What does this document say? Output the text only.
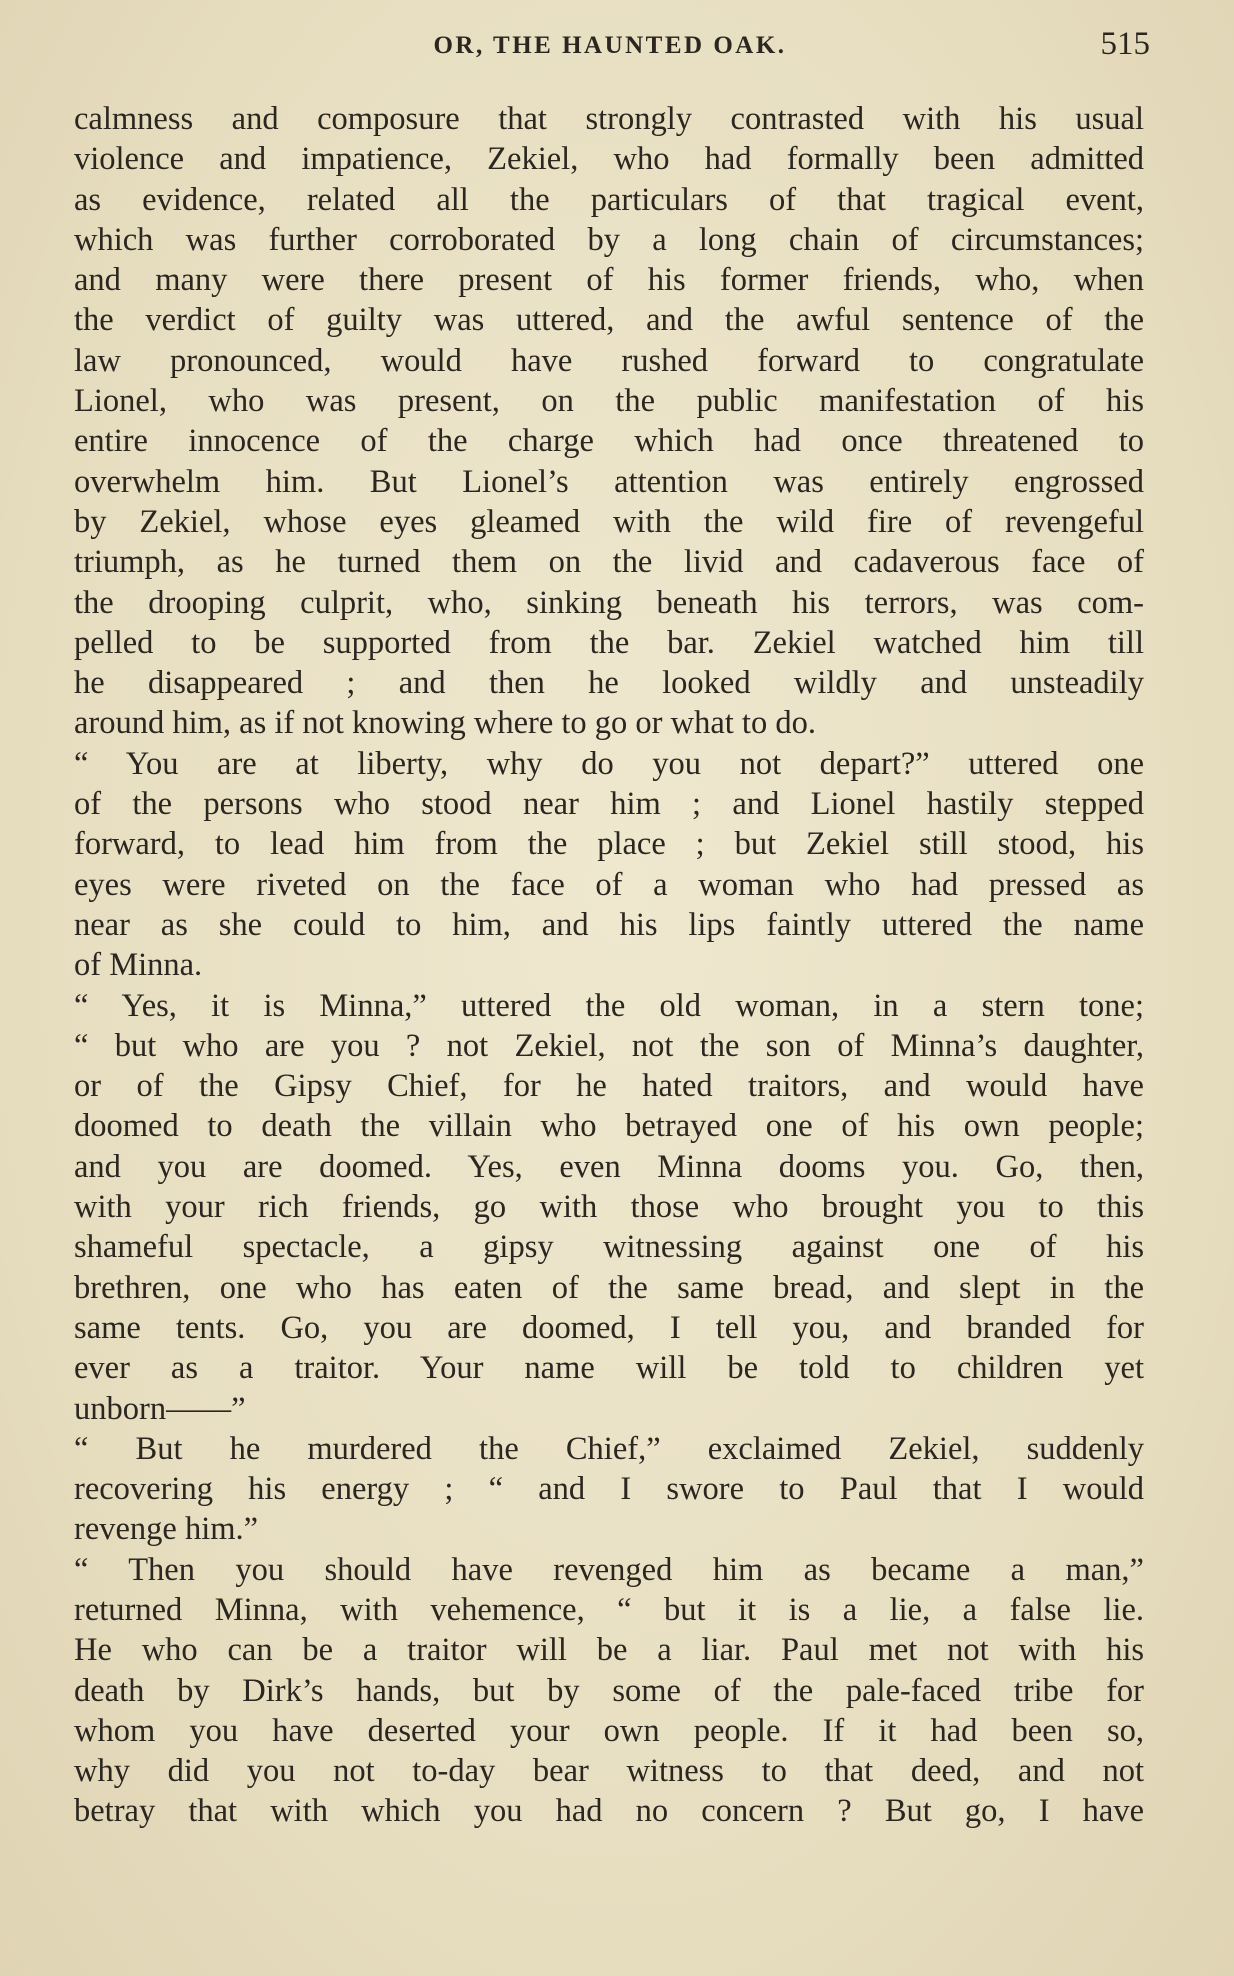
OR, THE HAUNTED OAK.	515
calmness and composure that strongly contrasted with his usual
violence and impatience, Zekiel, who had formally been admitted
as evidence, related all the particulars of that tragical event,
which was further corroborated by a long chain of circumstances;
and many were there present of his former friends, who, when
the verdict of guilty was uttered, and the awful sentence of the
law pronounced, would have rushed forward to congratulate
Lionel, who was present, on the public manifestation of his
entire innocence of the charge which had once threatened to
overwhelm him. But Lionel’s attention was entirely engrossed
by Zekiel, whose eyes gleamed with the wild fire of revengeful
triumph, as he turned them on the livid and cadaverous face of
the drooping culprit, who, sinking beneath his terrors, was com-
pelled to be supported from the bar. Zekiel watched him till
he disappeared ; and then he looked wildly and unsteadily
around him, as if not knowing where to go or what to do.
“ You are at liberty, why do you not depart?” uttered one
of the persons who stood near him ; and Lionel hastily stepped
forward, to lead him from the place ; but Zekiel still stood, his
eyes were riveted on the face of a woman who had pressed as
near as she could to him, and his lips faintly uttered the name
of Minna.
“ Yes, it is Minna,” uttered the old woman, in a stern tone;
“ but who are you ? not Zekiel, not the son of Minna’s daughter,
or of the Gipsy Chief, for he hated traitors, and would have
doomed to death the villain who betrayed one of his own people;
and you are doomed. Yes, even Minna dooms you. Go, then,
with your rich friends, go with those who brought you to this
shameful spectacle, a gipsy witnessing against one of his
brethren, one who has eaten of the same bread, and slept in the
same tents. Go, you are doomed, I tell you, and branded for
ever as a traitor. Your name will be told to children yet
unborn——”
“ But he murdered the Chief,” exclaimed Zekiel, suddenly
recovering his energy ; “ and I swore to Paul that I would
revenge him.”
“ Then you should have revenged him as became a man,”
returned Minna, with vehemence, “ but it is a lie, a false lie.
He who can be a traitor will be a liar. Paul met not with his
death by Dirk’s hands, but by some of the pale-faced tribe for
whom you have deserted your own people. If it had been so,
why did you not to-day bear witness to that deed, and not
betray that with which you had no concern ? But go, I have
